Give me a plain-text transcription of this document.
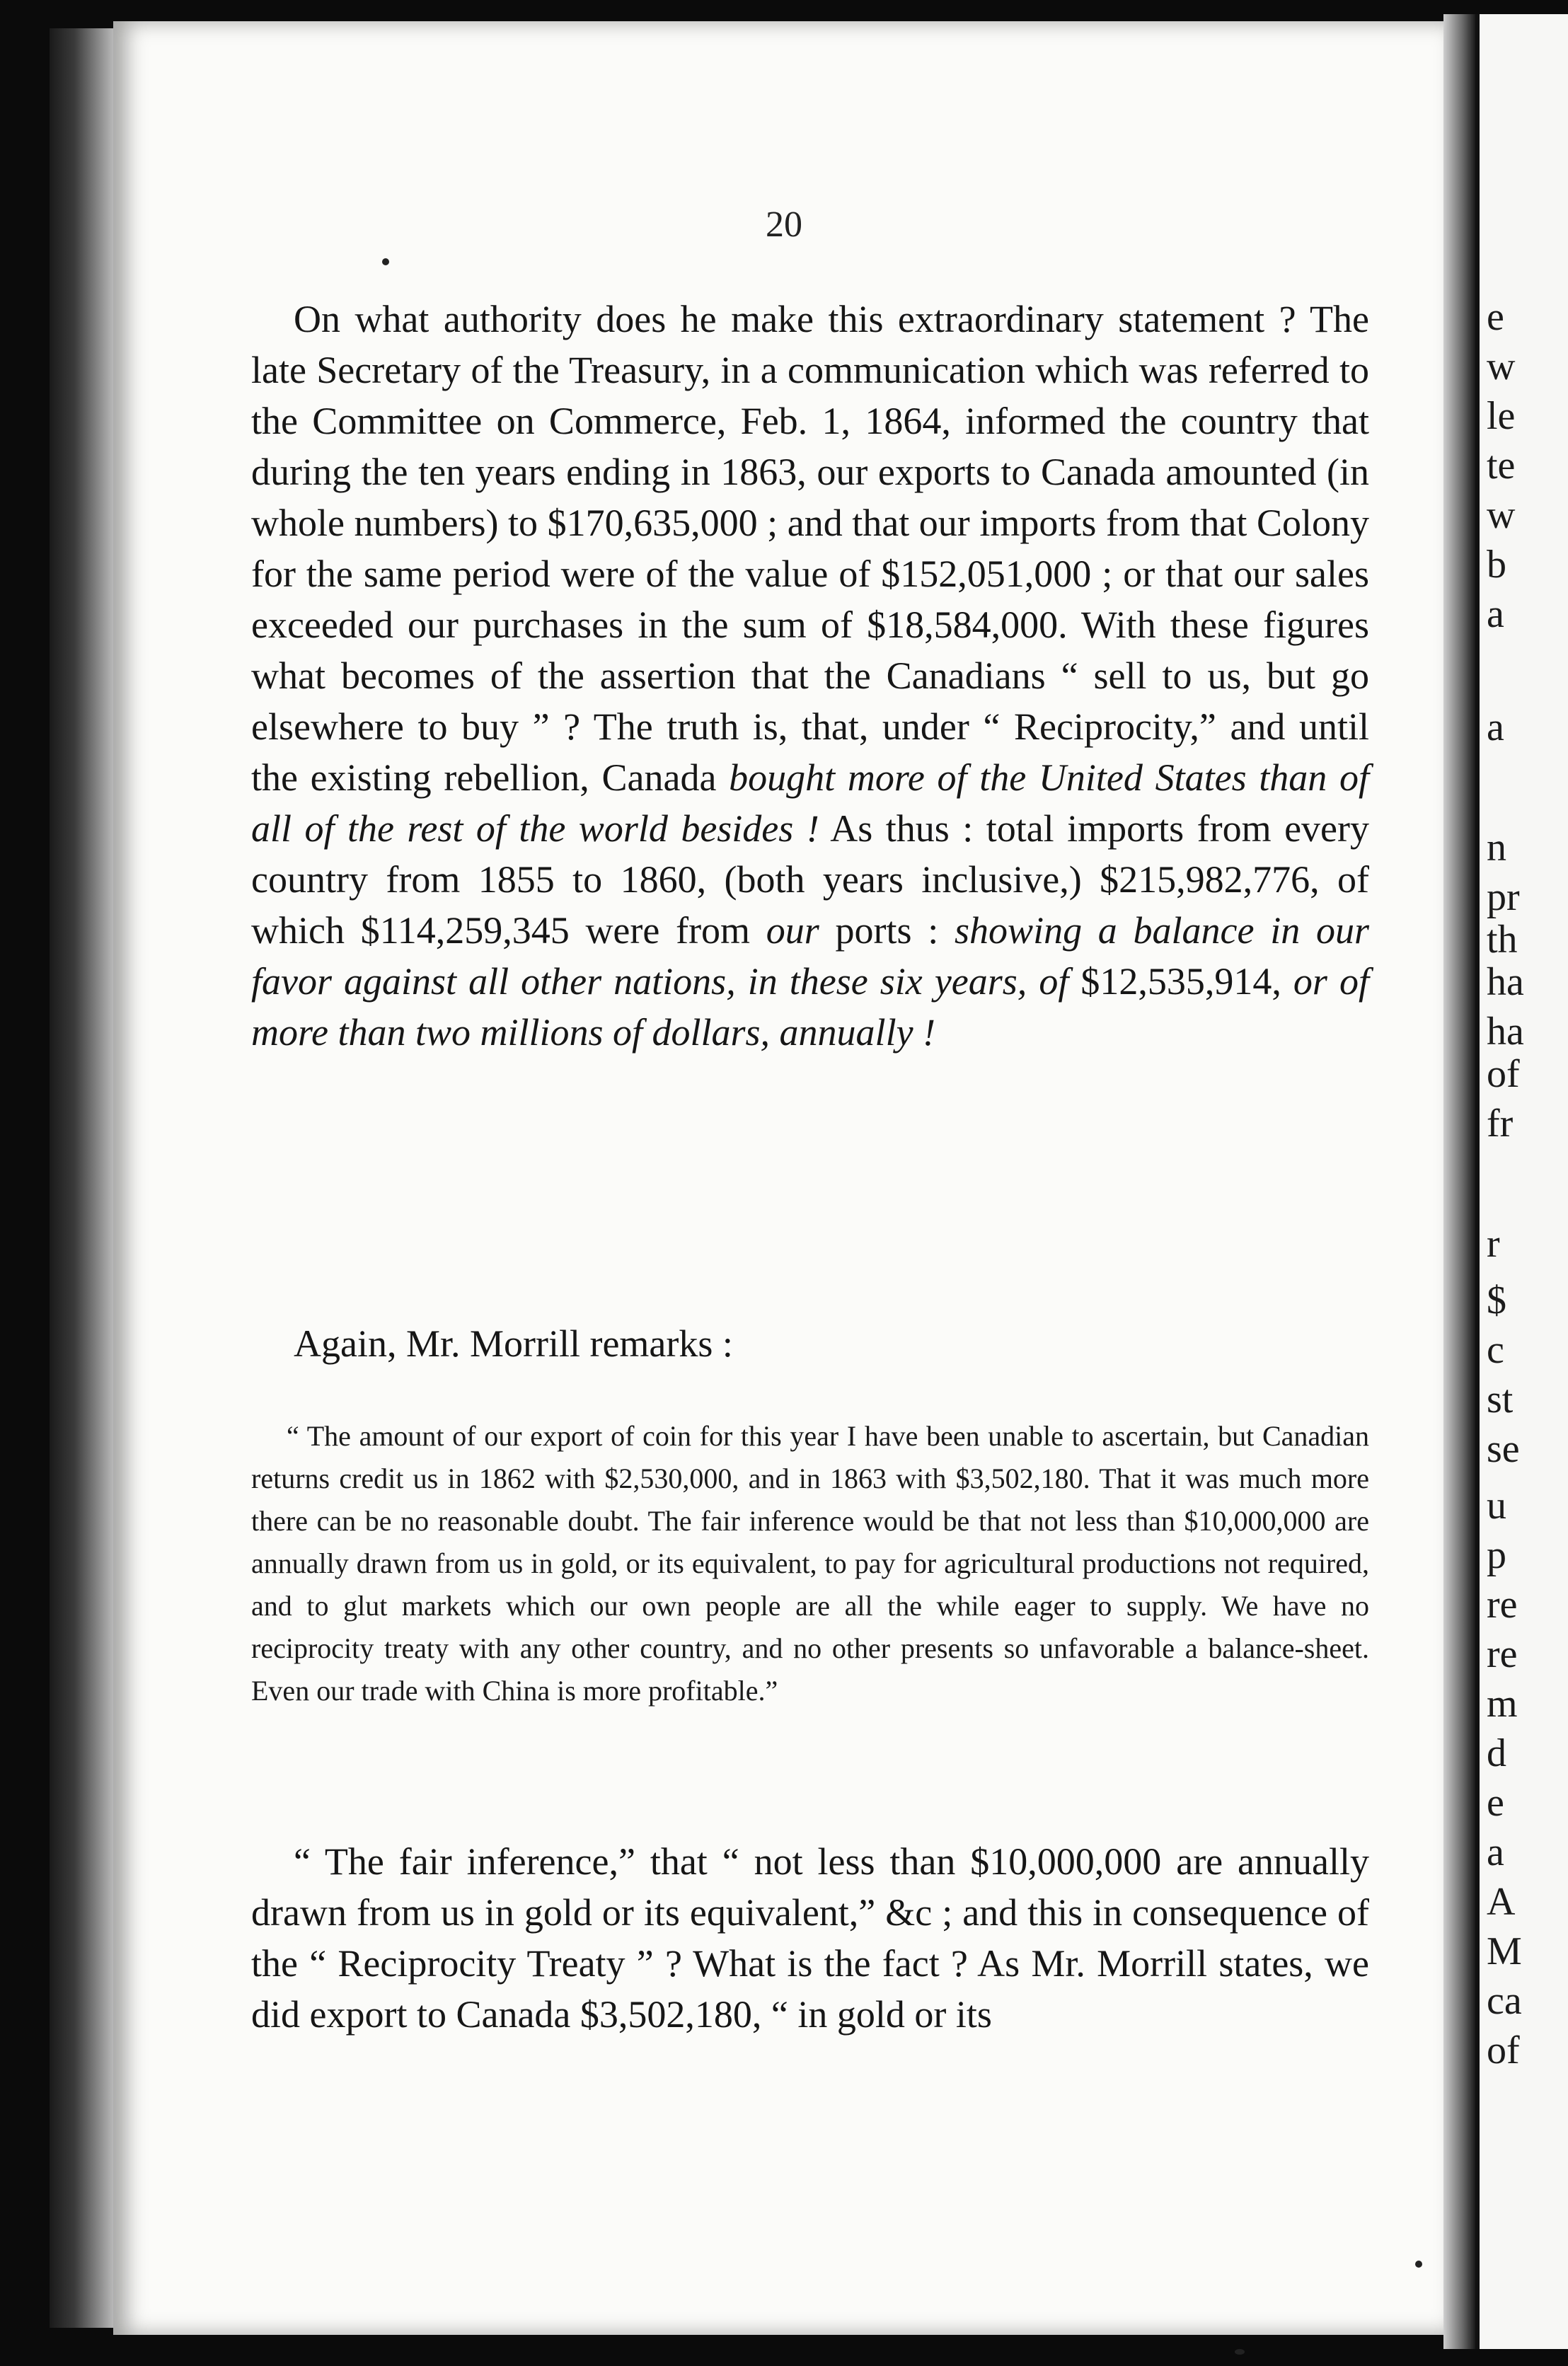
e
w
le
te
w
b
a
a
n
pr
th
ha
ha
of
fr
r
$
c
st
se
u
p
re
re
m
d
e
a
A
M
ca
of
20

On what authority does he make this extraordinary statement ? The late Secretary of the Treasury, in a communication which was referred to the Committee on Commerce, Feb. 1, 1864, informed the country that during the ten years ending in 1863, our exports to Canada amounted (in whole numbers) to $170,635,000 ; and that our imports from that Colony for the same period were of the value of $152,051,000 ; or that our sales exceeded our purchases in the sum of $18,584,000. With these figures what becomes of the assertion that the Canadians “ sell to us, but go elsewhere to buy ” ? The truth is, that, under “ Reciprocity,” and until the existing rebellion, Canada bought more of the United States than of all of the rest of the world besides ! As thus : total imports from every country from 1855 to 1860, (both years inclusive,) $215,982,776, of which $114,259,345 were from our ports : showing a balance in our favor against all other nations, in these six years, of $12,535,914, or of more than two millions of dollars, annually !

Again, Mr. Morrill remarks :

“ The amount of our export of coin for this year I have been unable to ascertain, but Canadian returns credit us in 1862 with $2,530,000, and in 1863 with $3,502,180. That it was much more there can be no reasonable doubt. The fair inference would be that not less than $10,000,000 are annually drawn from us in gold, or its equivalent, to pay for agricultural productions not required, and to glut markets which our own people are all the while eager to supply. We have no reciprocity treaty with any other country, and no other presents so unfavorable a balance-sheet. Even our trade with China is more profitable.”

“ The fair inference,” that “ not less than $10,000,000 are annually drawn from us in gold or its equivalent,” &c ; and this in consequence of the “ Reciprocity Treaty ” ? What is the fact ? As Mr. Morrill states, we did export to Canada $3,502,180, “ in gold or its
